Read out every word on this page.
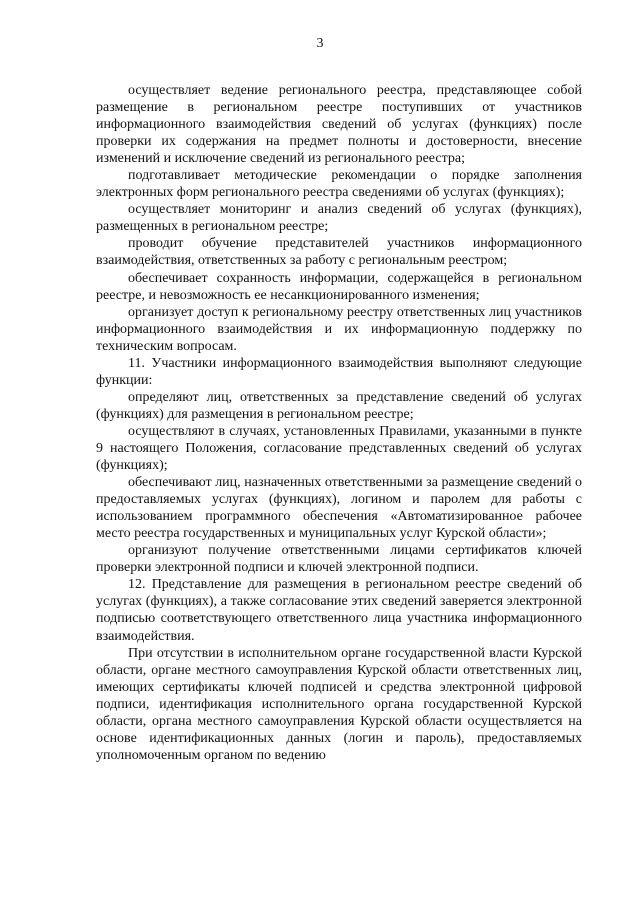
3

осуществляет ведение регионального реестра, представляющее собой размещение в региональном реестре поступивших от участников информационного взаимодействия сведений об услугах (функциях) после проверки их содержания на предмет полноты и достоверности, внесение изменений и исключение сведений из регионального реестра;

подготавливает методические рекомендации о порядке заполнения электронных форм регионального реестра сведениями об услугах (функциях);

осуществляет мониторинг и анализ сведений об услугах (функциях), размещенных в региональном реестре;

проводит обучение представителей участников информационного взаимодействия, ответственных за работу с региональным реестром;

обеспечивает сохранность информации, содержащейся в региональном реестре, и невозможность ее несанкционированного изменения;

организует доступ к региональному реестру ответственных лиц участников информационного взаимодействия и их информационную поддержку по техническим вопросам.

11. Участники информационного взаимодействия выполняют следующие функции:

определяют лиц, ответственных за представление сведений об услугах (функциях) для размещения в региональном реестре;

осуществляют в случаях, установленных Правилами, указанными в пункте 9 настоящего Положения, согласование представленных сведений об услугах (функциях);

обеспечивают лиц, назначенных ответственными за размещение сведений о предоставляемых услугах (функциях), логином и паролем для работы с использованием программного обеспечения «Автоматизированное рабочее место реестра государственных и муниципальных услуг Курской области»;

организуют получение ответственными лицами сертификатов ключей проверки электронной подписи и ключей электронной подписи.

12. Представление для размещения в региональном реестре сведений об услугах (функциях), а также согласование этих сведений заверяется электронной подписью соответствующего ответственного лица участника информационного взаимодействия.

При отсутствии в исполнительном органе государственной власти Курской области, органе местного самоуправления Курской области ответственных лиц, имеющих сертификаты ключей подписей и средства электронной цифровой подписи, идентификация исполнительного органа государственной Курской области, органа местного самоуправления Курской области осуществляется на основе идентификационных данных (логин и пароль), предоставляемых уполномоченным органом по ведению
